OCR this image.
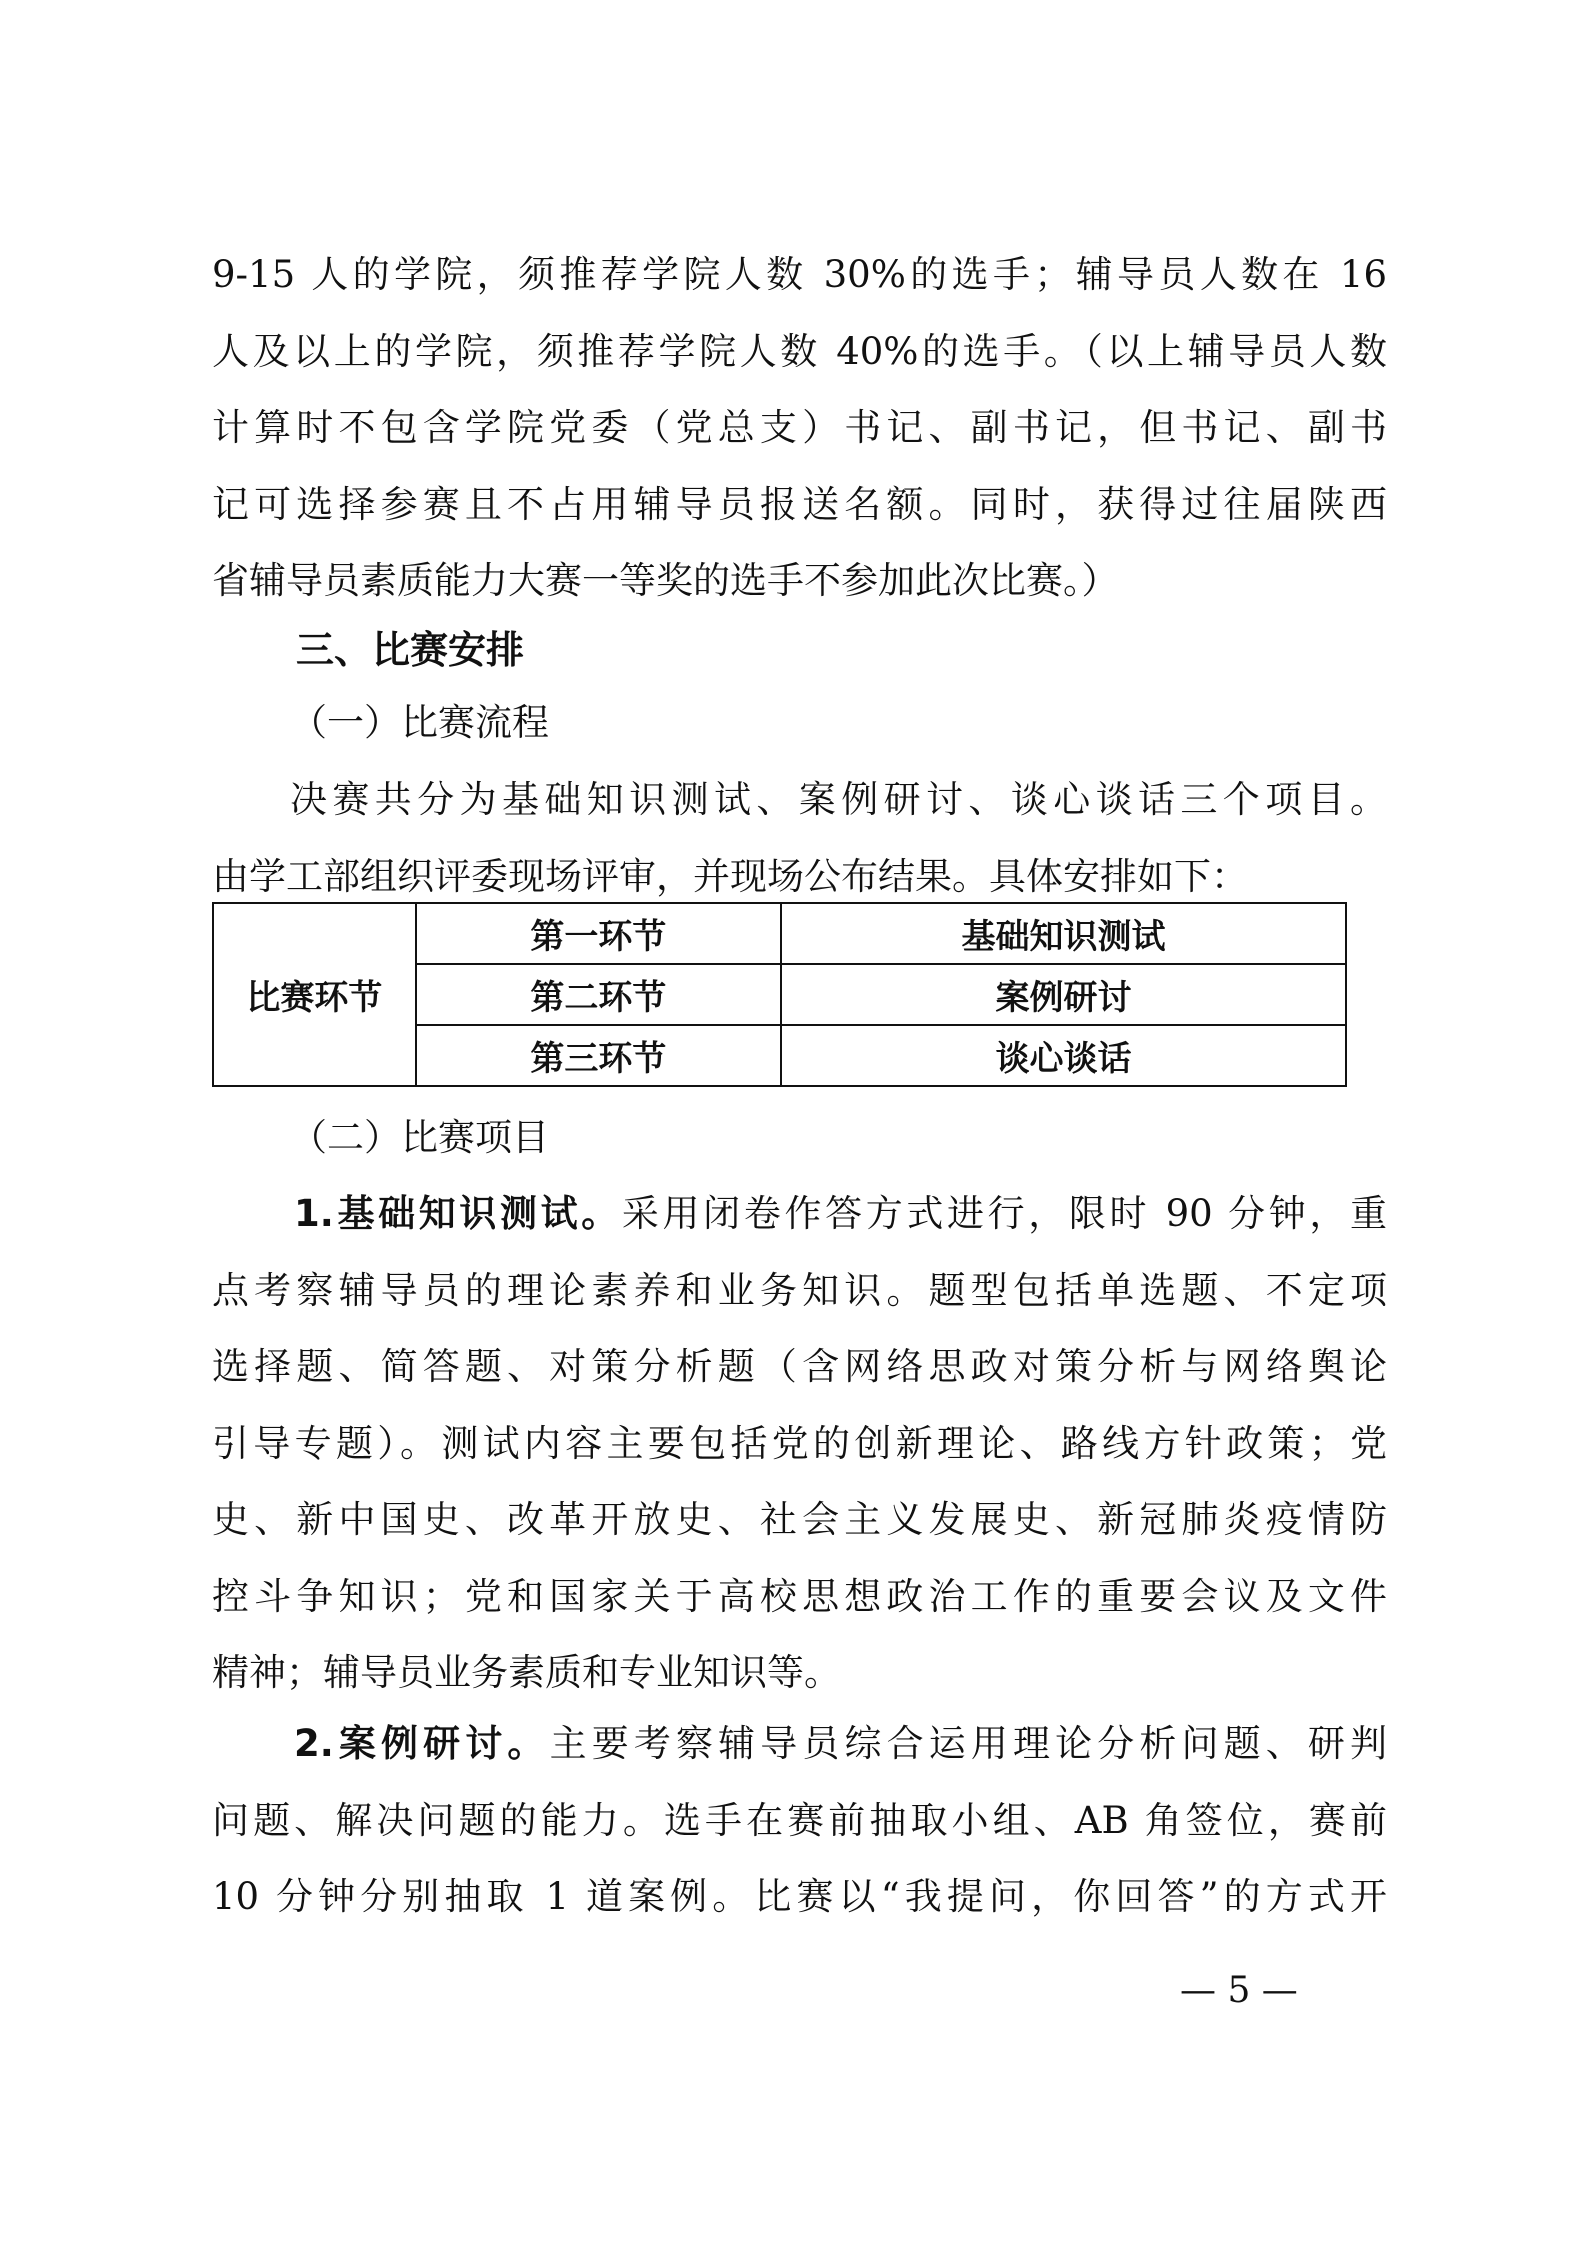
9-15 人的学院，须推荐学院人数 30%的选手；辅导员人数在 16
人及以上的学院，须推荐学院人数 40%的选手。（以上辅导员人数
计算时不包含学院党委（党总支）书记、副书记，但书记、副书
记可选择参赛且不占用辅导员报送名额。同时，获得过往届陕西
省辅导员素质能力大赛一等奖的选手不参加此次比赛。）
三、比赛安排
（一）比赛流程
决赛共分为基础知识测试、案例研讨、谈心谈话三个项目。
由学工部组织评委现场评审，并现场公布结果。具体安排如下：
比赛环节	第一环节	基础知识测试
	第二环节	案例研讨
	第三环节	谈心谈话
（二）比赛项目
1.基础知识测试。采用闭卷作答方式进行，限时 90 分钟，重
点考察辅导员的理论素养和业务知识。题型包括单选题、不定项
选择题、简答题、对策分析题（含网络思政对策分析与网络舆论
引导专题）。测试内容主要包括党的创新理论、路线方针政策；党
史、新中国史、改革开放史、社会主义发展史、新冠肺炎疫情防
控斗争知识；党和国家关于高校思想政治工作的重要会议及文件
精神；辅导员业务素质和专业知识等。
2.案例研讨。主要考察辅导员综合运用理论分析问题、研判
问题、解决问题的能力。选手在赛前抽取小组、AB 角签位，赛前
10 分钟分别抽取 1 道案例。比赛以“我提问，你回答”的方式开
— 5 —
